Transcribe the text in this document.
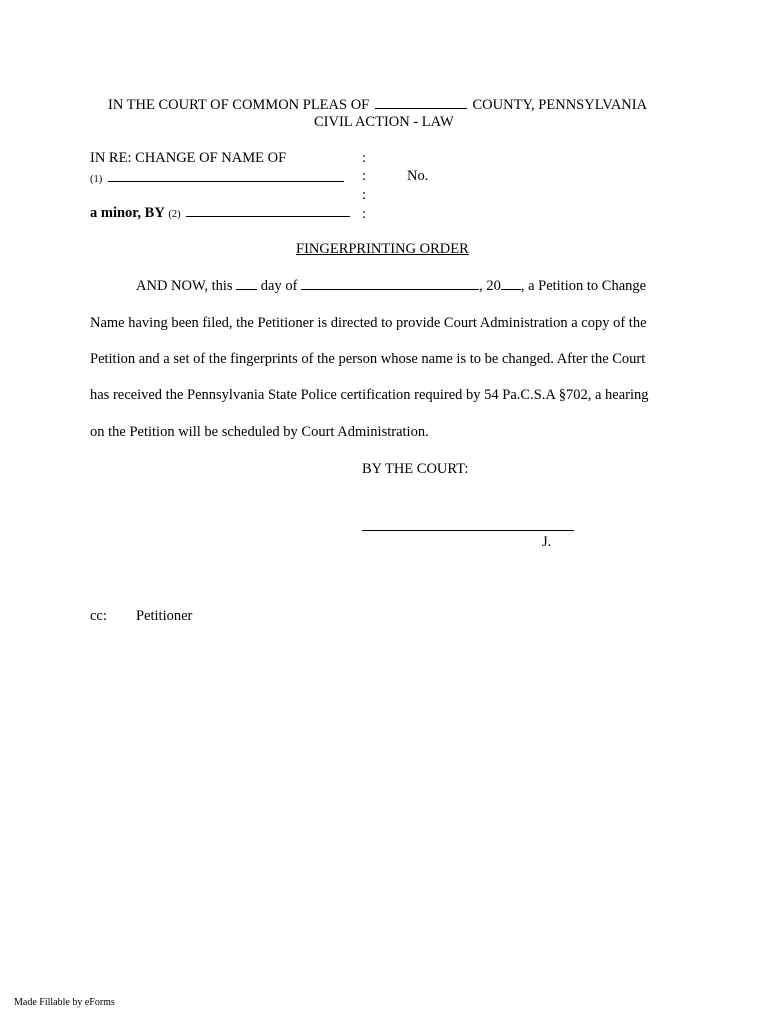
IN THE COURT OF COMMON PLEAS OF	COUNTY, PENNSYLVANIA
CIVIL ACTION - LAW
IN RE: CHANGE OF NAME OF
(1)
a minor, BY (2)
:
:
:
:
No.
FINGERPRINTING ORDER
AND NOW, this day of	, 20 , a Petition to Change
Name having been filed, the Petitioner is directed to provide Court Administration a copy of the
Petition and a set of the fingerprints of the person whose name is to be changed. After the Court
has received the Pennsylvania State Police certification required by 54 Pa.C.S.A §702, a hearing
on the Petition will be scheduled by Court Administration.
BY THE COURT:
J.
cc: Petitioner
Made Fillable by eForms
